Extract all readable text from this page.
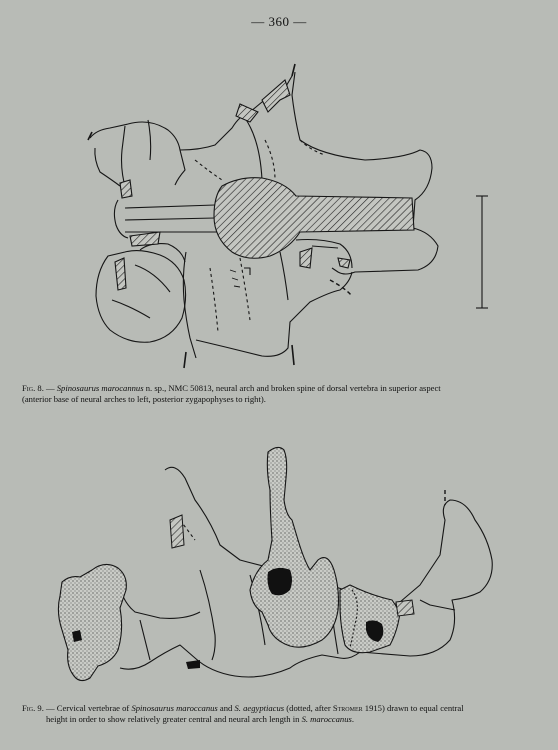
— 360 —
Fig. 8. — Spinosaurus marocannus n. sp., NMC 50813, neural arch and broken spine of dorsal vertebra in superior aspect
(anterior base of neural arches to left, posterior zygapophyses to right).
Fig. 9. — Cervical vertebrae of Spinosaurus maroccanus and S. aegyptiacus (dotted, after Stromer 1915) drawn to equal central
height in order to show relatively greater central and neural arch length in S. maroccanus.
